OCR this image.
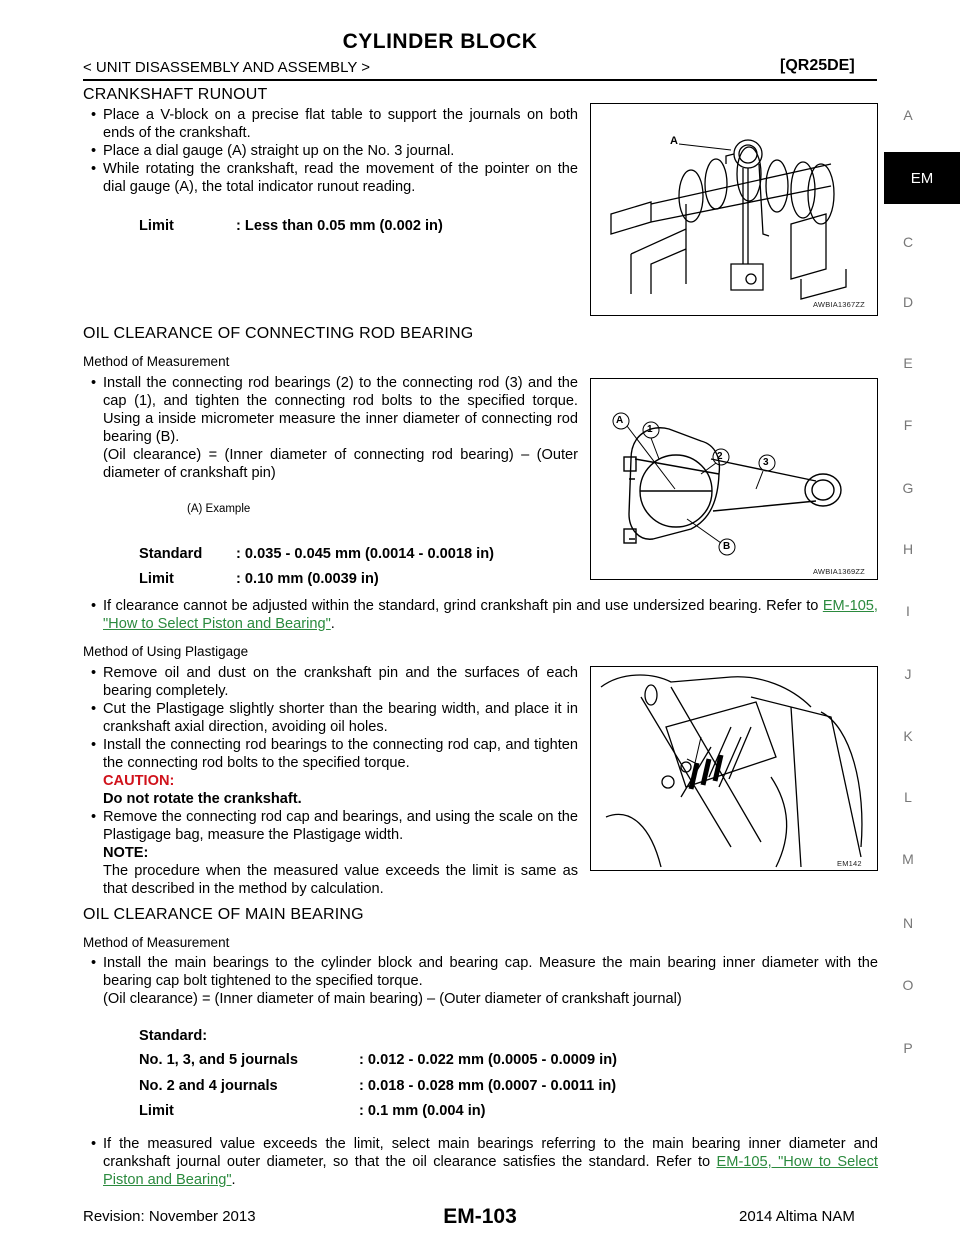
CYLINDER BLOCK
< UNIT DISASSEMBLY AND ASSEMBLY >	[QR25DE]
A
EM
C
D
E
F
G
H
I
J
K
L
M
N
O
P
CRANKSHAFT RUNOUT
• Place a V-block on a precise flat table to support the journals on both ends of the crankshaft.
• Place a dial gauge (A) straight up on the No. 3 journal.
• While rotating the crankshaft, read the movement of the pointer on the dial gauge (A), the total indicator runout reading.
Limit	: Less than 0.05 mm (0.002 in)
A
AWBIA1367ZZ
OIL CLEARANCE OF CONNECTING ROD BEARING
Method of Measurement
• Install the connecting rod bearings (2) to the connecting rod (3) and the cap (1), and tighten the connecting rod bolts to the specified torque. Using a inside micrometer measure the inner diameter of connecting rod bearing (B).
(Oil clearance) = (Inner diameter of connecting rod bearing) – (Outer diameter of crankshaft pin)
(A) Example
Standard : 0.035 - 0.045 mm (0.0014 - 0.0018 in)
Limit	: 0.10 mm (0.0039 in)
A
1
2
3
B
AWBIA1369ZZ
• If clearance cannot be adjusted within the standard, grind crankshaft pin and use undersized bearing. Refer to EM-105, "How to Select Piston and Bearing".
Method of Using Plastigage
• Remove oil and dust on the crankshaft pin and the surfaces of each bearing completely.
• Cut the Plastigage slightly shorter than the bearing width, and place it in crankshaft axial direction, avoiding oil holes.
• Install the connecting rod bearings to the connecting rod cap, and tighten the connecting rod bolts to the specified torque.
CAUTION:
Do not rotate the crankshaft.
• Remove the connecting rod cap and bearings, and using the scale on the Plastigage bag, measure the Plastigage width.
NOTE:
The procedure when the measured value exceeds the limit is same as that described in the method by calculation.
EM142
OIL CLEARANCE OF MAIN BEARING
Method of Measurement
• Install the main bearings to the cylinder block and bearing cap. Measure the main bearing inner diameter with the bearing cap bolt tightened to the specified torque.
(Oil clearance) = (Inner diameter of main bearing) – (Outer diameter of crankshaft journal)
Standard:
No. 1, 3, and 5 journals	: 0.012 - 0.022 mm (0.0005 - 0.0009 in)
No. 2 and 4 journals	: 0.018 - 0.028 mm (0.0007 - 0.0011 in)
Limit	: 0.1 mm (0.004 in)
• If the measured value exceeds the limit, select main bearings referring to the main bearing inner diameter and crankshaft journal outer diameter, so that the oil clearance satisfies the standard. Refer to EM-105, "How to Select Piston and Bearing".
Revision: November 2013	EM-103	2014 Altima NAM
